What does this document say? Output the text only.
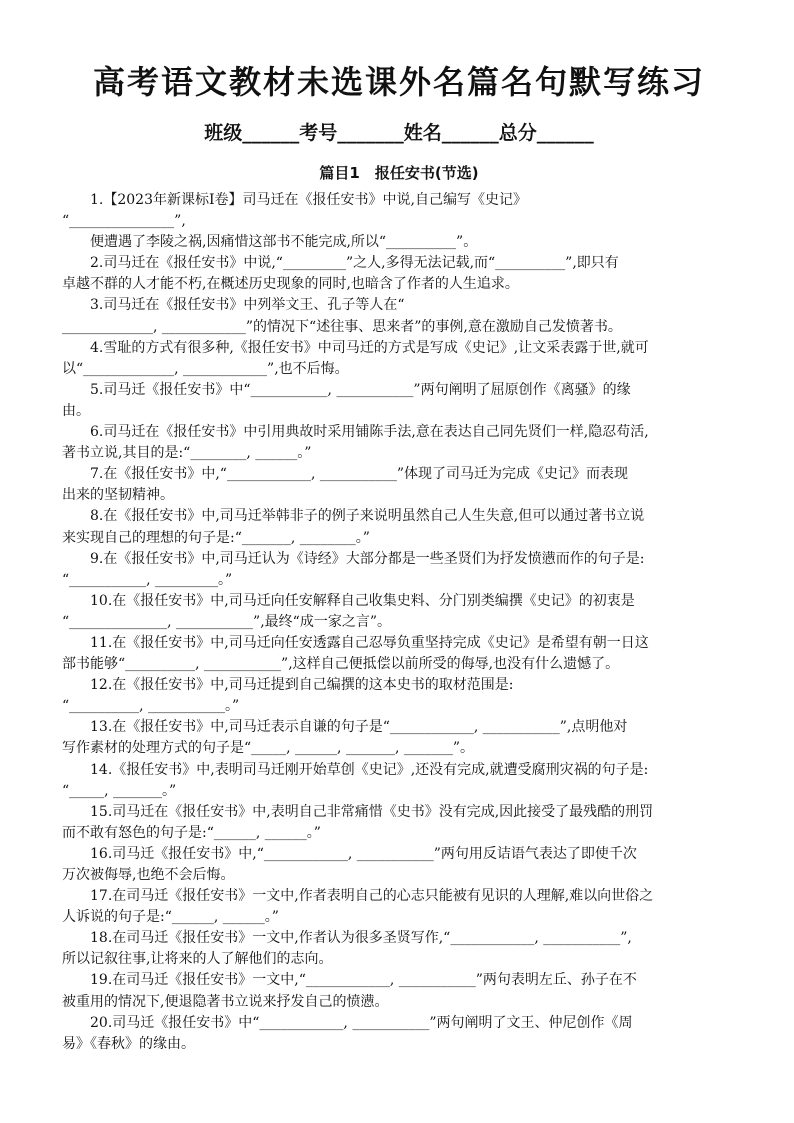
高考语文教材未选课外名篇名句默写练习
班级______考号_______姓名______总分______
篇目1　报任安书(节选)

1.【2023年新课标Ⅰ卷】司马迁在《报任安书》中说,自己编写《史记》

“_______________”,

便遭遇了李陵之祸,因痛惜这部书不能完成,所以“__________”。

2.司马迁在《报任安书》中说,“_________”之人,多得无法记载,而“__________”,即只有

卓越不群的人才能不朽,在概述历史现象的同时,也暗含了作者的人生追求。

3.司马迁在《报任安书》中列举文王、孔子等人在“

_____________, ____________”的情况下“述往事、思来者”的事例,意在激励自己发愤著书。

4.雪耻的方式有很多种,《报任安书》中司马迁的方式是写成《史记》,让文采表露于世,就可

以“_____________, ____________”,也不后悔。

5.司马迁《报任安书》中“___________, ___________”两句阐明了屈原创作《离骚》的缘

由。

6.司马迁在《报任安书》中引用典故时采用铺陈手法,意在表达自己同先贤们一样,隐忍苟活,

著书立说,其目的是:“________, ______。”

7.在《报任安书》中,“____________, ___________”体现了司马迁为完成《史记》而表现

出来的坚韧精神。

8.在《报任安书》中,司马迁举韩非子的例子来说明虽然自己人生失意,但可以通过著书立说

来实现自己的理想的句子是:“_______, ________。”

9.在《报任安书》中,司马迁认为《诗经》大部分都是一些圣贤们为抒发愤懑而作的句子是:

“___________, _________。”

10.在《报任安书》中,司马迁向任安解释自己收集史料、分门别类编撰《史记》的初衷是

“______________, ___________”,最终“成一家之言”。

11.在《报任安书》中,司马迁向任安透露自己忍辱负重坚持完成《史记》是希望有朝一日这

部书能够“__________, ___________”,这样自己便抵偿以前所受的侮辱,也没有什么遗憾了。

12.在《报任安书》中,司马迁提到自己编撰的这本史书的取材范围是:

“__________, ___________。”

13.在《报任安书》中,司马迁表示自谦的句子是“____________, ___________”,点明他对

写作素材的处理方式的句子是“_____, ______, _______, _______”。

14.《报任安书》中,表明司马迁刚开始草创《史记》,还没有完成,就遭受腐刑灾祸的句子是:

“_____, _______。”

15.司马迁在《报任安书》中,表明自己非常痛惜《史书》没有完成,因此接受了最残酷的刑罚

而不敢有怒色的句子是:“______, ______。”

16.司马迁《报任安书》中,“____________, ___________”两句用反诘语气表达了即使千次

万次被侮辱,也绝不会后悔。

17.在司马迁《报任安书》一文中,作者表明自己的心志只能被有见识的人理解,难以向世俗之

人诉说的句子是:“______, ______。”

18.在司马迁《报任安书》一文中,作者认为很多圣贤写作,“____________, ___________”,

所以记叙往事,让将来的人了解他们的志向。

19.在司马迁《报任安书》一文中,“____________, ___________”两句表明左丘、孙子在不

被重用的情况下,便退隐著书立说来抒发自己的愤懑。

20.司马迁《报任安书》中“____________, ___________”两句阐明了文王、仲尼创作《周

易》《春秋》的缘由。
